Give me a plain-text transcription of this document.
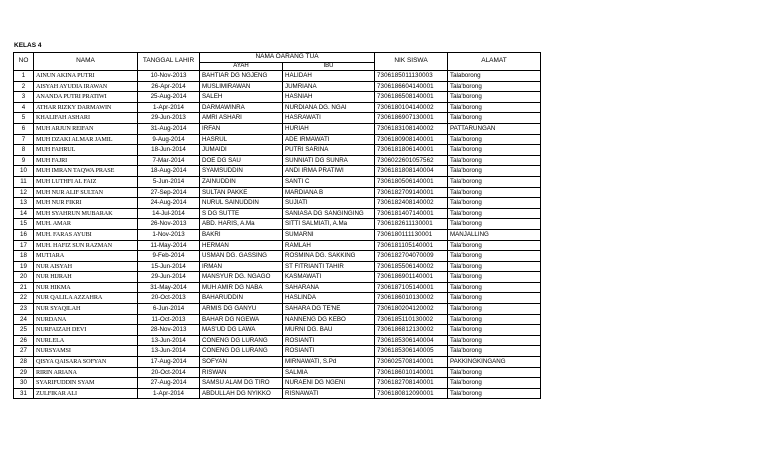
KELAS 4
NO	NAMA	TANGGAL LAHIR	NAMA OARANG TUA		NIK SISWA	ALAMAT
			AYAH	IBU		
1	AINUN AKINA PUTRI	10-Nov-2013	BAHTIAR DG NGJENG	HALIDAH	7306185011130003	Talaborong
2	AISYAH AYUDIA IRAWAN	26-Apr-2014	MUSLIMIRAWAN	JUMRIANA	7306186604140001	Tala'borong
3	ANANDA PUTRI PRATIWI	25-Aug-2014	SALEH	HASNIAH	7306186508140001	Tala'borong
4	ATHAR RIZKY DARMAWIN	1-Apr-2014	DARMAWINRA	NURDIANA DG. NGAI	7306180104140002	Tala'borong
5	KHALIFAH ASHARI	29-Jun-2013	AMRI ASHARI	HASRAWATI	7306186907130001	Tala'borong
6	MUH ARJUN REIFAN	31-Aug-2014	IRFAN	HURIAH	7306183108140002	PATTARUNGAN
7	MUH DZAKI ALMAR JAMIL	9-Aug-2014	HASRUL	ADE IRMAWATI	7306180908140001	Tala'borong
8	MUH FAHRUL	18-Jun-2014	JUMAIDI	PUTRI SARINA	7306181806140001	Tala'borong
9	MUH FAJRI	7-Mar-2014	DOE DG SAU	SUNNIATI DG SUNRA	7306022601057562	Tala'borong
10	MUH IMRAN TAQWA PRASE	18-Aug-2014	SYAMSUDDIN	ANDI IRMA PRATIWI	7306181808140004	Tala'borong
11	MUH LUTHFI AL FAIZ	5-Jun-2014	ZAINUDDIN	SANTI C	7306180506140001	Tala'borong
12	MUH NUR ALIF SULTAN	27-Sep-2014	SULTAN PAKKE	MARDIANA B	7306182709140001	Tala'borong
13	MUH NUR FIKRI	24-Aug-2014	NURUL SAINUDDIN	SUJIATI	7306182408140002	Tala'borong
14	MUH SYAHRUN MUBARAK	14-Jul-2014	S DG SUTTE	SANIASA DG SANGINGING	7306181407140001	Tala'borong
15	MUH. AMAR	26-Nov-2013	ABD. HARIS, A.Ma	SITTI SALMIATI, A.Ma	7306182611130001	Tala'borong
16	MUH. FARAS AYUBI	1-Nov-2013	BAKRI	SUMARNI	7306180111130001	MANJALLING
17	MUH. HAFIZ SUN RAZMAN	11-May-2014	HERMAN	RAMLAH	7306181105140001	Tala'borong
18	MUTIARA	9-Feb-2014	USMAN DG. GASSING	ROSMINA DG. SAKKING	7306182704070009	Tala'borong
19	NUR AISYAH	15-Jun-2014	IRMAN	ST FITRIANTI TAHIR	7306185506140002	Tala'borong
20	NUR HIJRAH	29-Jun-2014	MANSYUR DG. NGAGO	KASMAWATI	7306186901140001	Tala'borong
21	NUR HIKMA	31-May-2014	MUH AMIR DG NABA	SAHARANA	7306187105140001	Tala'borong
22	NUR QALILA AZZAHRA	20-Oct-2013	BAHARUDDIN	HASLINDA	7306186010130002	Tala'borong
23	NUR SYAQILAH	6-Jun-2014	ARMIS DG GANYU	SAHARA DG TE'NE	7306180204120002	Tala'borong
24	NURDANA	11-Oct-2013	BAHAR DG NGEWA	NANNENG DG KEBO	7306185110130002	Tala'borong
25	NURFAIZAH DEVI	28-Nov-2013	MAS'UD DG LAWA	MURNI DG. BAU	7306186812130002	Tala'borong
26	NURLELA	13-Jun-2014	CONENG DG LURANG	ROSIANTI	7306185306140004	Tala'borong
27	NURSYAMSI	13-Jun-2014	CONENG DG LURANG	ROSIANTI	7306185306140005	Tala'borong
28	QISYA QAISARA SOFYAN	17-Aug-2014	SOFYAN	MIRNAWATI, S.Pd	7306025708140001	PAKKINGKINGANG
29	RIRIN ARIANA	20-Oct-2014	RISWAN	SALMIA	7306186010140001	Tala'borong
30	SYARIFUDDIN SYAM	27-Aug-2014	SAMSU ALAM DG TIRO	NURAENI DG NGENI	7306182708140001	Tala'borong
31	ZULFIKAR ALI	1-Apr-2014	ABDULLAH DG NYIKKO	RISNAWATI	7306180812090001	Tala'borong
